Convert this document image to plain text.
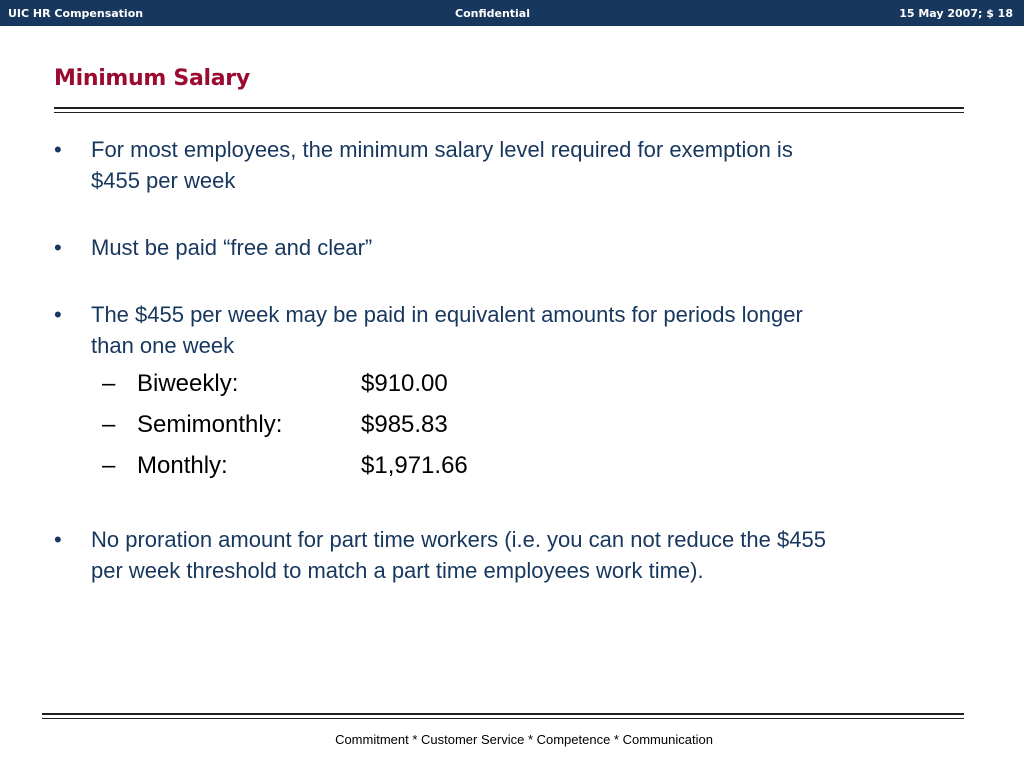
UIC HR Compensation	Confidential	15 May 2007; $ 18
Minimum Salary
•	For most employees, the minimum salary level required for exemption is
$455 per week
•	Must be paid “free and clear”
•	The $455 per week may be paid in equivalent amounts for periods longer
than one week
– Biweekly:	$910.00
– Semimonthly:	$985.83
– Monthly:	$1,971.66
•	No proration amount for part time workers (i.e. you can not reduce the $455
per week threshold to match a part time employees work time).
Commitment * Customer Service * Competence * Communication
